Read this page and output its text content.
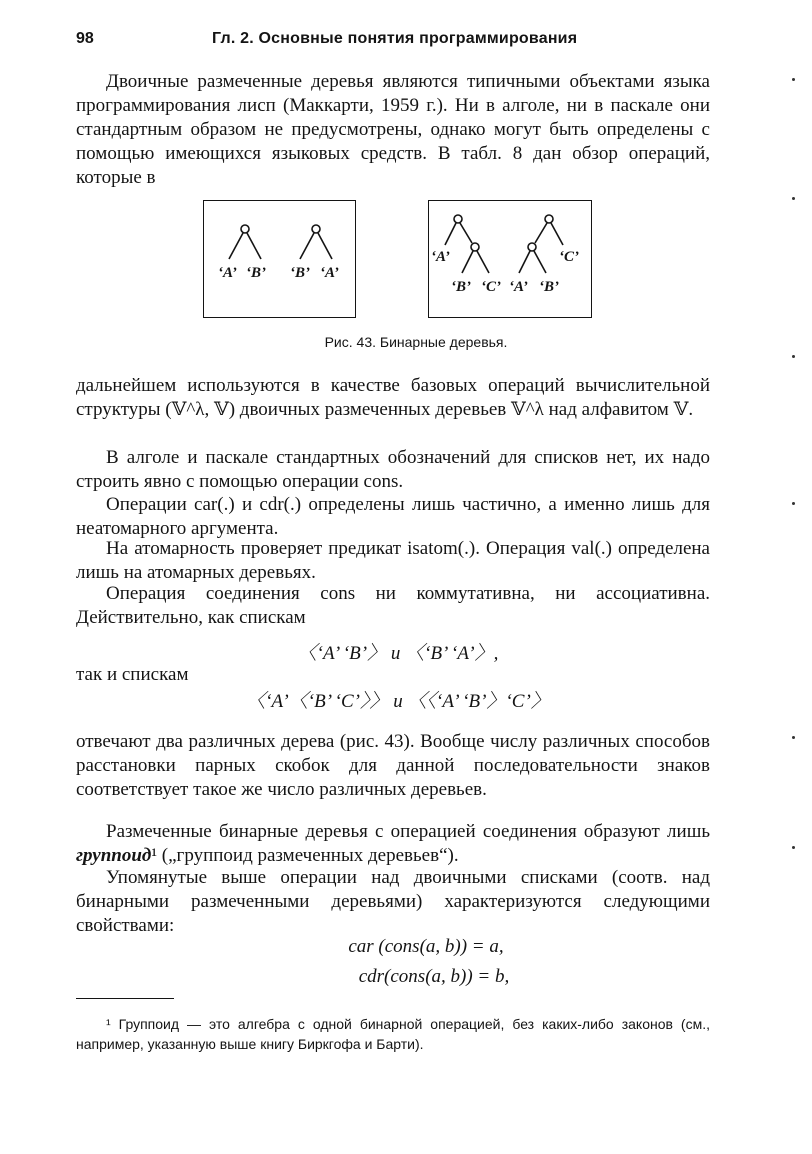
98	Гл. 2. Основные понятия программирования
Двоичные размеченные деревья являются типичными объектами языка программирования лисп (Маккарти, 1959 г.). Ни в алголе, ни в паскале они стандартным образом не предусмотрены, однако могут быть определены с помощью имеющихся языковых средств. В табл. 8 дан обзор операций, которые в
‘A’ ‘B’ ‘B’ ‘A’
‘A’
‘B’ ‘C’
‘C’
‘A’ ‘B’
Рис. 43. Бинарные деревья.
дальнейшем используются в качестве базовых операций вычислительной структуры (𝕍^λ, 𝕍) двоичных размеченных деревьев 𝕍^λ над алфавитом 𝕍.
В алголе и паскале стандартных обозначений для списков нет, их надо строить явно с помощью операции cons.
Операции car(.) и cdr(.) определены лишь частично, а именно лишь для неатомарного аргумента.
На атомарность проверяет предикат isatom(.). Операция val(.) определена лишь на атомарных деревьях.
Операция соединения cons ни коммутативна, ни ассоциативна. Действительно, как спискам
〈‘A’ ‘B’〉 и 〈‘B’ ‘A’〉,
так и спискам
〈‘A’〈‘B’ ‘C’〉〉 и 〈〈‘A’ ‘B’〉‘C’〉
отвечают два различных дерева (рис. 43). Вообще числу различных способов расстановки парных скобок для данной последовательности знаков соответствует такое же число различных деревьев.
Размеченные бинарные деревья с операцией соединения образуют лишь группоид¹ („группоид размеченных деревьев“).
Упомянутые выше операции над двоичными списками (соотв. над бинарными размеченными деревьями) характеризуются следующими свойствами:
car (cons(a, b)) = a,
cdr(cons(a, b)) = b,
¹ Группоид — это алгебра с одной бинарной операцией, без каких-либо законов (см., например, указанную выше книгу Биркгофа и Барти).
